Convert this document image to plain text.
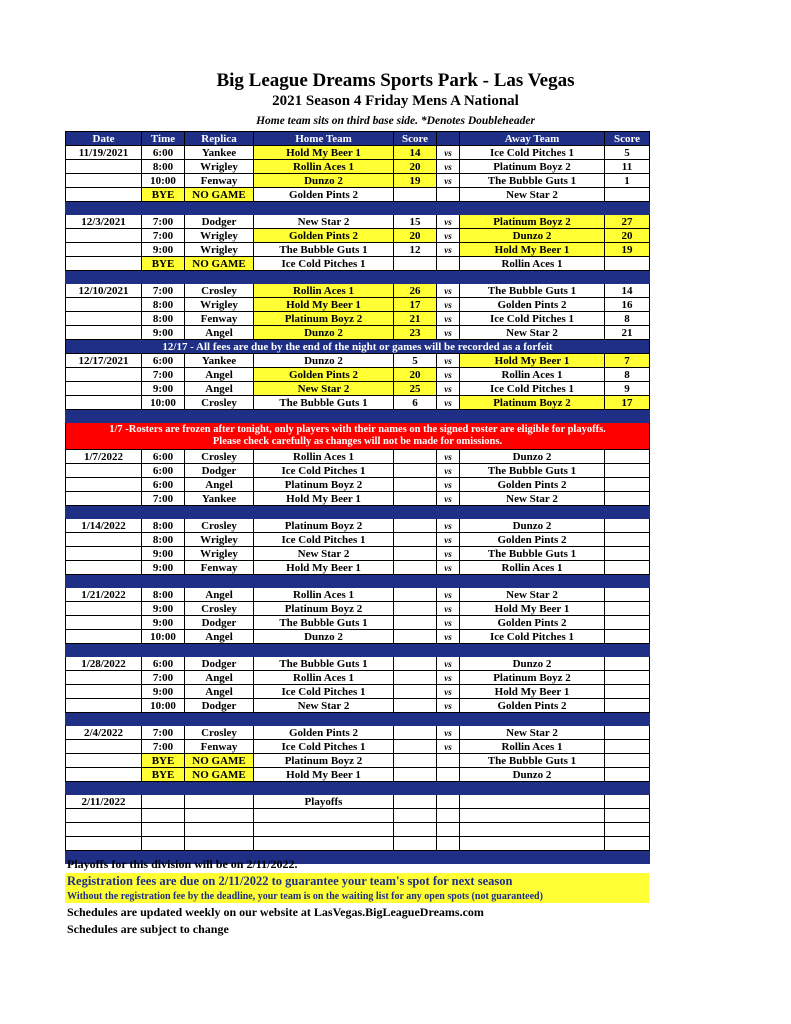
Big League Dreams Sports Park - Las Vegas
2021 Season 4 Friday Mens A National
Home team sits on third base side. *Denotes Doubleheader
Date	Time	Replica	Home Team	Score		Away Team	Score
11/19/2021	6:00	Yankee	Hold My Beer 1	14	vs	Ice Cold Pitches 1	5
	8:00	Wrigley	Rollin Aces 1	20	vs	Platinum Boyz 2	11
	10:00	Fenway	Dunzo 2	19	vs	The Bubble Guts 1	1
	BYE	NO GAME	Golden Pints 2			New Star 2	

12/3/2021	7:00	Dodger	New Star 2	15	vs	Platinum Boyz 2	27
	7:00	Wrigley	Golden Pints 2	20	vs	Dunzo 2	20
	9:00	Wrigley	The Bubble Guts 1	12	vs	Hold My Beer 1	19
	BYE	NO GAME	Ice Cold Pitches 1			Rollin Aces 1	

12/10/2021	7:00	Crosley	Rollin Aces 1	26	vs	The Bubble Guts 1	14
	8:00	Wrigley	Hold My Beer 1	17	vs	Golden Pints 2	16
	8:00	Fenway	Platinum Boyz 2	21	vs	Ice Cold Pitches 1	8
	9:00	Angel	Dunzo 2	23	vs	New Star 2	21
12/17 - All fees are due by the end of the night or games will be recorded as a forfeit							
12/17/2021	6:00	Yankee	Dunzo 2	5	vs	Hold My Beer 1	7
	7:00	Angel	Golden Pints 2	20	vs	Rollin Aces 1	8
	9:00	Angel	New Star 2	25	vs	Ice Cold Pitches 1	9
	10:00	Crosley	The Bubble Guts 1	6	vs	Platinum Boyz 2	17

1/7 -Rosters are frozen after tonight, only players with their names on the signed roster are eligible for playoffs.
Please check carefully as changes will not be made for omissions.							

1/7/2022	6:00	Crosley	Rollin Aces 1		vs	Dunzo 2	
	6:00	Dodger	Ice Cold Pitches 1		vs	The Bubble Guts 1	
	6:00	Angel	Platinum Boyz 2		vs	Golden Pints 2	
	7:00	Yankee	Hold My Beer 1		vs	New Star 2	

1/14/2022	8:00	Crosley	Platinum Boyz 2		vs	Dunzo 2	
	8:00	Wrigley	Ice Cold Pitches 1		vs	Golden Pints 2	
	9:00	Wrigley	New Star 2		vs	The Bubble Guts 1	
	9:00	Fenway	Hold My Beer 1		vs	Rollin Aces 1	

1/21/2022	8:00	Angel	Rollin Aces 1		vs	New Star 2	
	9:00	Crosley	Platinum Boyz 2		vs	Hold My Beer 1	
	9:00	Dodger	The Bubble Guts 1		vs	Golden Pints 2	
	10:00	Angel	Dunzo 2		vs	Ice Cold Pitches 1	

1/28/2022	6:00	Dodger	The Bubble Guts 1		vs	Dunzo 2	
	7:00	Angel	Rollin Aces 1		vs	Platinum Boyz 2	
	9:00	Angel	Ice Cold Pitches 1		vs	Hold My Beer 1	
	10:00	Dodger	New Star 2		vs	Golden Pints 2	

2/4/2022	7:00	Crosley	Golden Pints 2		vs	New Star 2	
	7:00	Fenway	Ice Cold Pitches 1		vs	Rollin Aces 1	
	BYE	NO GAME	Platinum Boyz 2			The Bubble Guts 1	
	BYE	NO GAME	Hold My Beer 1			Dunzo 2	

2/11/2022			Playoffs				

Playoffs for this division will be on 2/11/2022.
Registration fees are due on 2/11/2022 to guarantee your team's spot for next season
Without the registration fee by the deadline, your team is on the waiting list for any open spots (not guaranteed)
Schedules are updated weekly on our website at LasVegas.BigLeagueDreams.com
Schedules are subject to change
